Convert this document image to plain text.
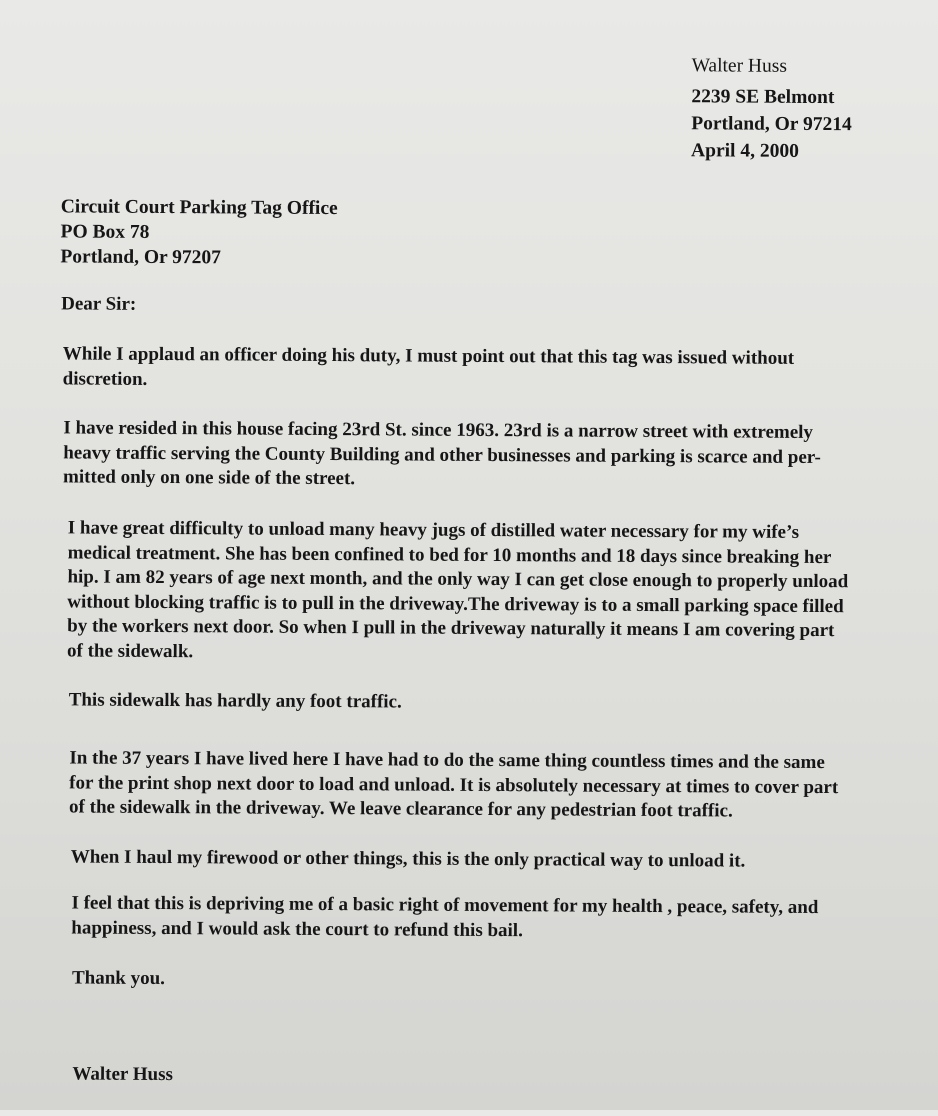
Walter Huss
2239 SE Belmont
Portland, Or 97214
April 4, 2000
Circuit Court Parking Tag Office
PO Box 78
Portland, Or 97207
Dear Sir:
While I applaud an officer doing his duty, I must point out that this tag was issued without
discretion.
I have resided in this house facing 23rd St. since 1963. 23rd is a narrow street with extremely
heavy traffic serving the County Building and other businesses and parking is scarce and per-
mitted only on one side of the street.
I have great difficulty to unload many heavy jugs of distilled water necessary for my wife’s
medical treatment. She has been confined to bed for 10 months and 18 days since breaking her
hip. I am 82 years of age next month, and the only way I can get close enough to properly unload
without blocking traffic is to pull in the driveway.The driveway is to a small parking space filled
by the workers next door. So when I pull in the driveway naturally it means I am covering part
of the sidewalk.
This sidewalk has hardly any foot traffic.
In the 37 years I have lived here I have had to do the same thing countless times and the same
for the print shop next door to load and unload. It is absolutely necessary at times to cover part
of the sidewalk in the driveway. We leave clearance for any pedestrian foot traffic.
When I haul my firewood or other things, this is the only practical way to unload it.
I feel that this is depriving me of a basic right of movement for my health , peace, safety, and
happiness, and I would ask the court to refund this bail.
Thank you.
Walter Huss
